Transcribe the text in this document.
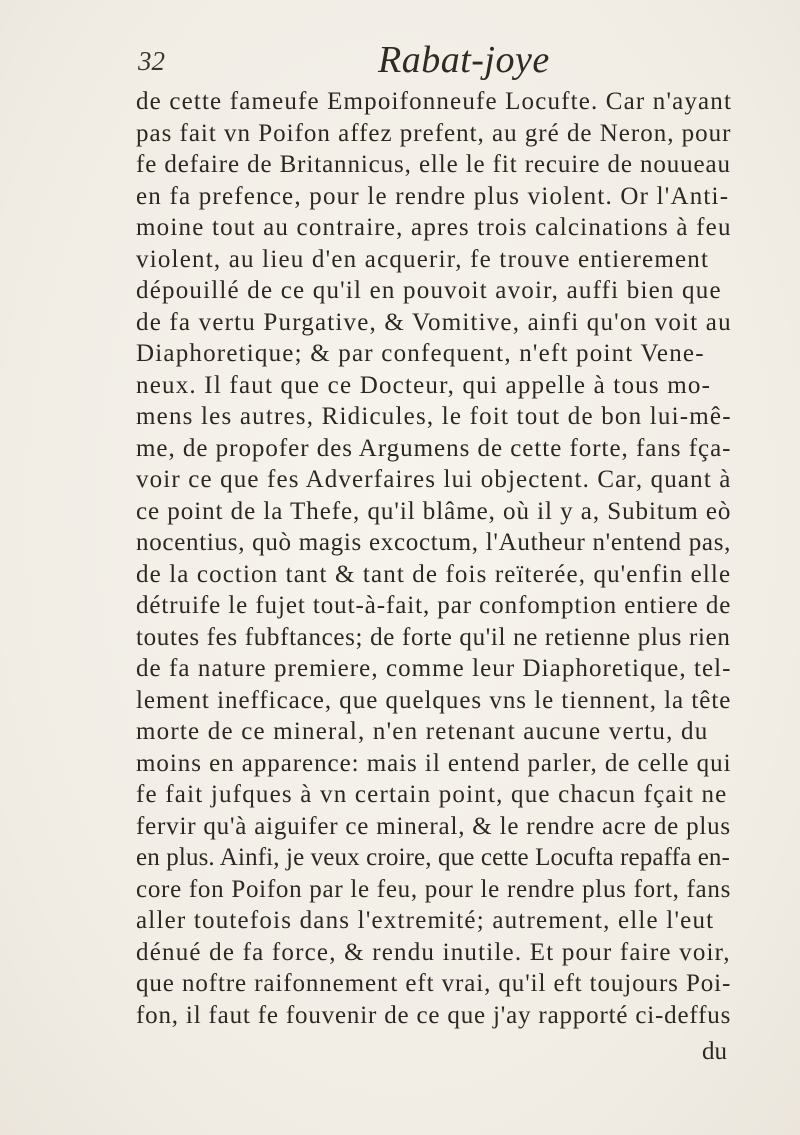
32	Rabat-joye
de cette fameufe Empoifonneufe Locufte. Car n'ayant
pas fait vn Poifon affez prefent, au gré de Neron, pour
fe defaire de Britannicus, elle le fit recuire de nouueau
en fa prefence, pour le rendre plus violent. Or l'Anti-
moine tout au contraire, apres trois calcinations à feu
violent, au lieu d'en acquerir, fe trouve entierement
dépouillé de ce qu'il en pouvoit avoir, auffi bien que
de fa vertu Purgative, & Vomitive, ainfi qu'on voit au
Diaphoretique; & par confequent, n'eft point Vene-
neux. Il faut que ce Docteur, qui appelle à tous mo-
mens les autres, Ridicules, le foit tout de bon lui-mê-
me, de propofer des Argumens de cette forte, fans fça-
voir ce que fes Adverfaires lui objectent. Car, quant à
ce point de la Thefe, qu'il blâme, où il y a, Subitum eò
nocentius, quò magis excoctum, l'Autheur n'entend pas,
de la coction tant & tant de fois reïterée, qu'enfin elle
détruife le fujet tout-à-fait, par confomption entiere de
toutes fes fubftances; de forte qu'il ne retienne plus rien
de fa nature premiere, comme leur Diaphoretique, tel-
lement inefficace, que quelques vns le tiennent, la tête
morte de ce mineral, n'en retenant aucune vertu, du
moins en apparence: mais il entend parler, de celle qui
fe fait jufques à vn certain point, que chacun fçait ne
fervir qu'à aiguifer ce mineral, & le rendre acre de plus
en plus. Ainfi, je veux croire, que cette Locufta repaffa en-
core fon Poifon par le feu, pour le rendre plus fort, fans
aller toutefois dans l'extremité; autrement, elle l'eut
dénué de fa force, & rendu inutile. Et pour faire voir,
que noftre raifonnement eft vrai, qu'il eft toujours Poi-
fon, il faut fe fouvenir de ce que j'ay rapporté ci-deffus
du
